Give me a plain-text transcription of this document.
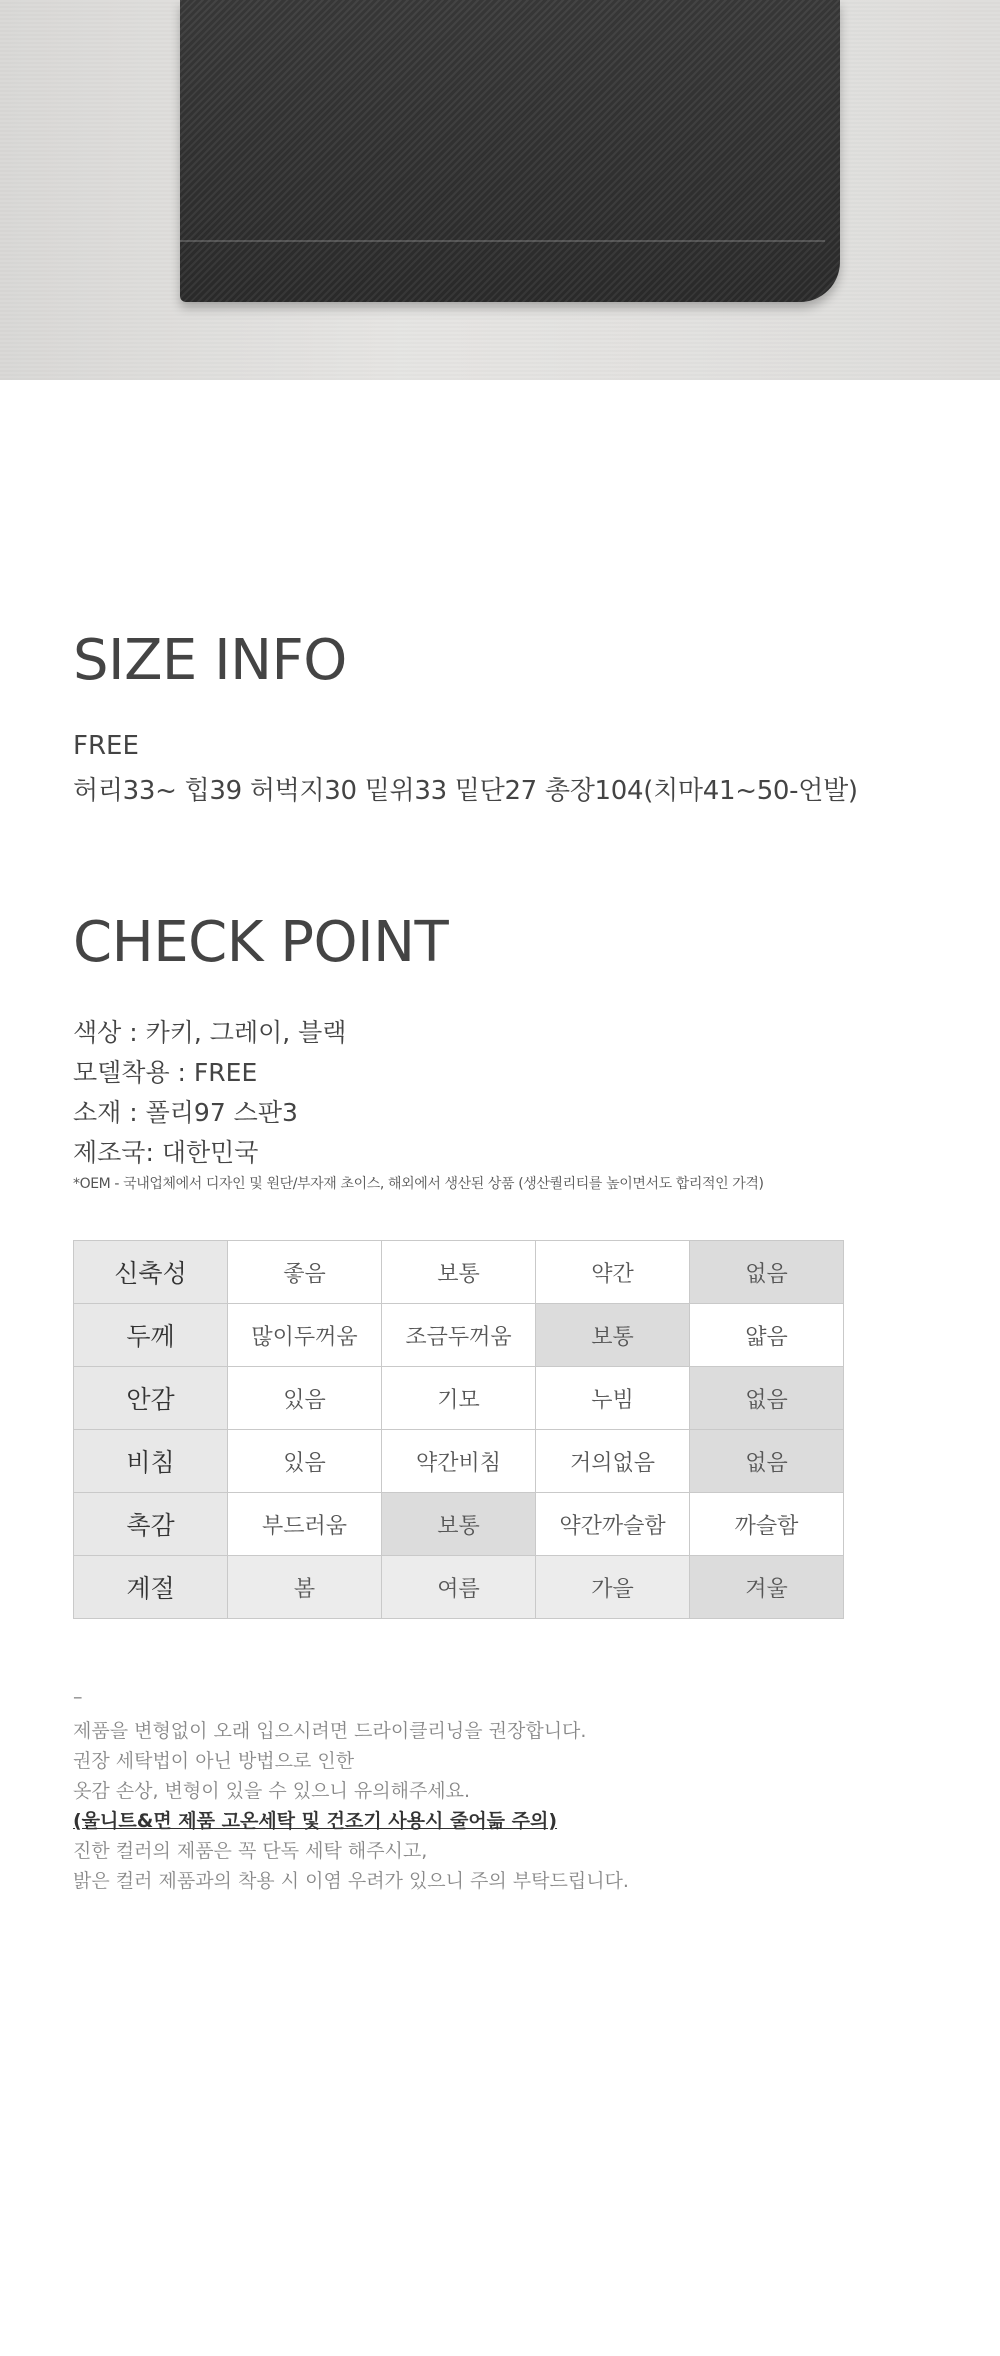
SIZE INFO
FREE
허리33~ 힙39 허벅지30 밑위33 밑단27 총장104(치마41~50-언발)
CHECK POINT
색상 : 카키, 그레이, 블랙
모델착용 : FREE
소재 : 폴리97 스판3
제조국: 대한민국
*OEM - 국내업체에서 디자인 및 원단/부자재 초이스, 해외에서 생산된 상품 (생산퀄리티를 높이면서도 합리적인 가격)
신축성	좋음	보통	약간	없음
두께	많이두꺼움	조금두꺼움	보통	얇음
안감	있음	기모	누빔	없음
비침	있음	약간비침	거의없음	없음
촉감	부드러움	보통	약간까슬함	까슬함
계절	봄	여름	가을	겨울
–
제품을 변형없이 오래 입으시려면 드라이클리닝을 권장합니다.
권장 세탁법이 아닌 방법으로 인한
옷감 손상, 변형이 있을 수 있으니 유의해주세요.
(울니트&면 제품 고온세탁 및 건조기 사용시 줄어듦 주의)
진한 컬러의 제품은 꼭 단독 세탁 해주시고,
밝은 컬러 제품과의 착용 시 이염 우려가 있으니 주의 부탁드립니다.
